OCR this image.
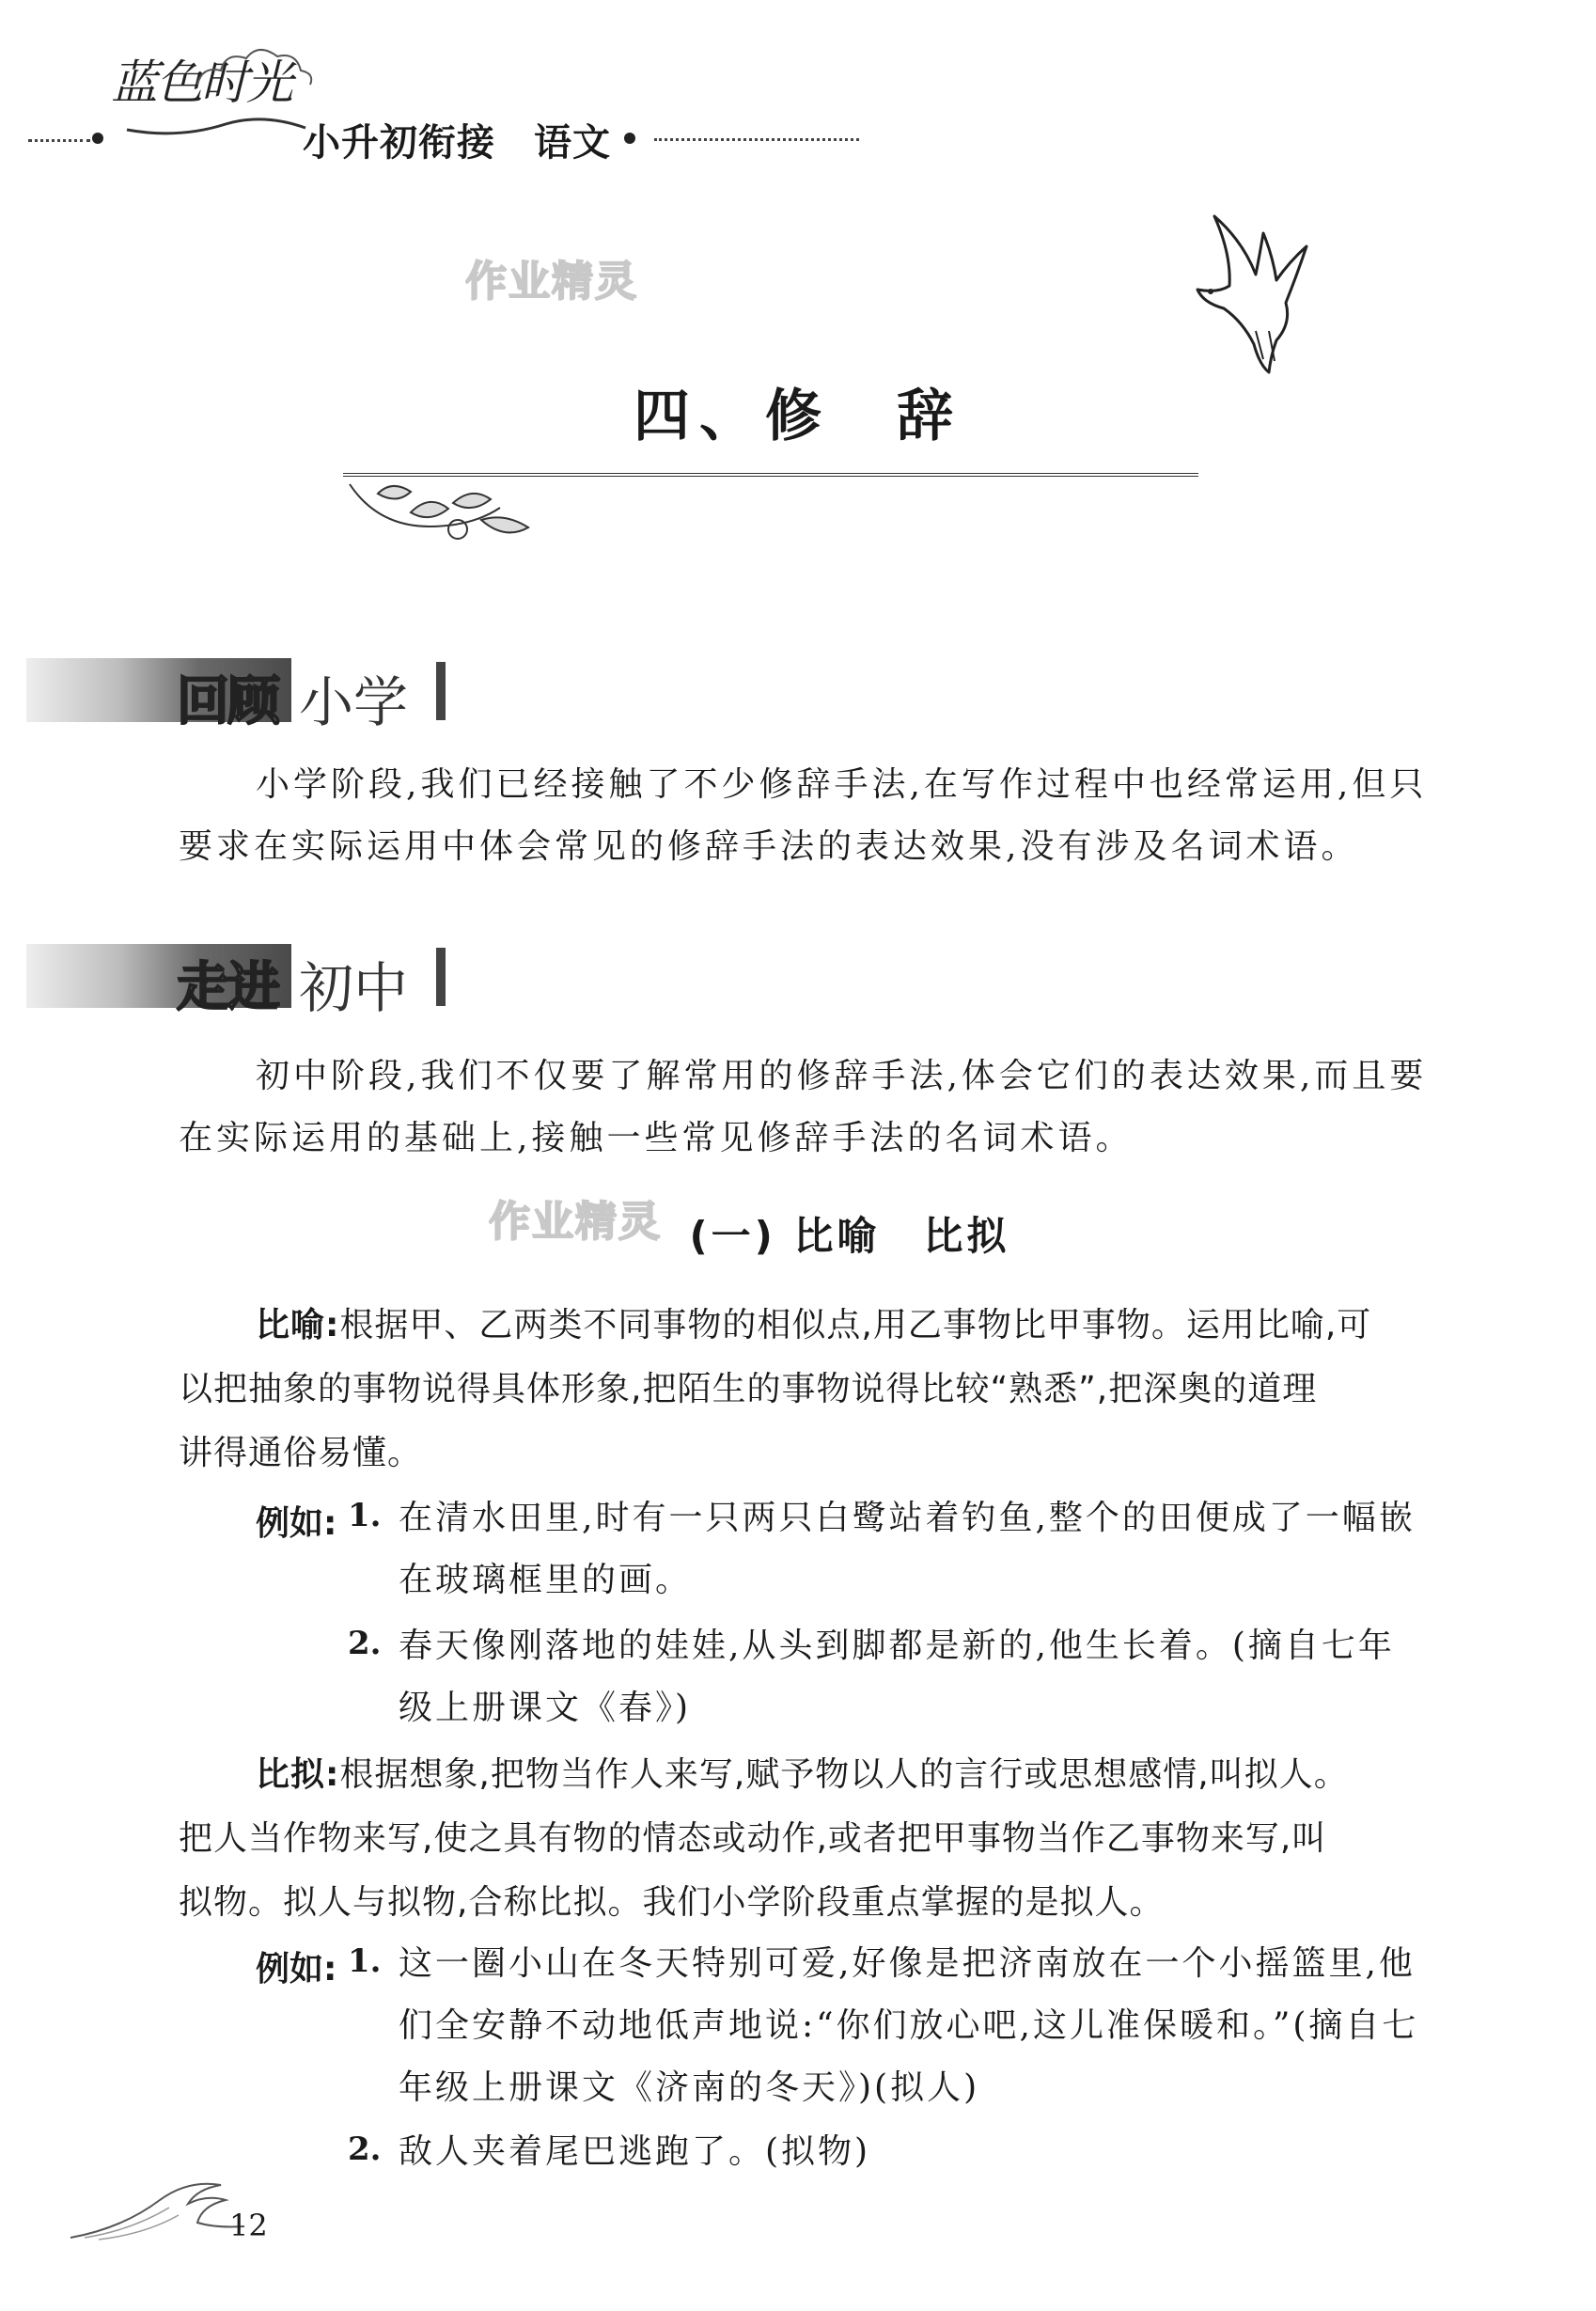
蓝色时光
小升初衔接　语文
作业精灵
四、修　辞
回顾 小学
小学阶段,我们已经接触了不少修辞手法,在写作过程中也经常运用,但只
要求在实际运用中体会常见的修辞手法的表达效果,没有涉及名词术语。
走进 初中
初中阶段,我们不仅要了解常用的修辞手法,体会它们的表达效果,而且要
在实际运用的基础上,接触一些常见修辞手法的名词术语。
作业精灵 (一) 比喻　比拟
比喻:根据甲、乙两类不同事物的相似点,用乙事物比甲事物。运用比喻,可
以把抽象的事物说得具体形象,把陌生的事物说得比较“熟悉”,把深奥的道理
讲得通俗易懂。
例如: 1. 在清水田里,时有一只两只白鹭站着钓鱼,整个的田便成了一幅嵌
在玻璃框里的画。
2. 春天像刚落地的娃娃,从头到脚都是新的,他生长着。(摘自七年
级上册课文《春》)
比拟:根据想象,把物当作人来写,赋予物以人的言行或思想感情,叫拟人。
把人当作物来写,使之具有物的情态或动作,或者把甲事物当作乙事物来写,叫
拟物。拟人与拟物,合称比拟。我们小学阶段重点掌握的是拟人。
例如: 1. 这一圈小山在冬天特别可爱,好像是把济南放在一个小摇篮里,他
们全安静不动地低声地说:“你们放心吧,这儿准保暖和。”(摘自七
年级上册课文《济南的冬天》)(拟人)
2. 敌人夹着尾巴逃跑了。(拟物)
12
